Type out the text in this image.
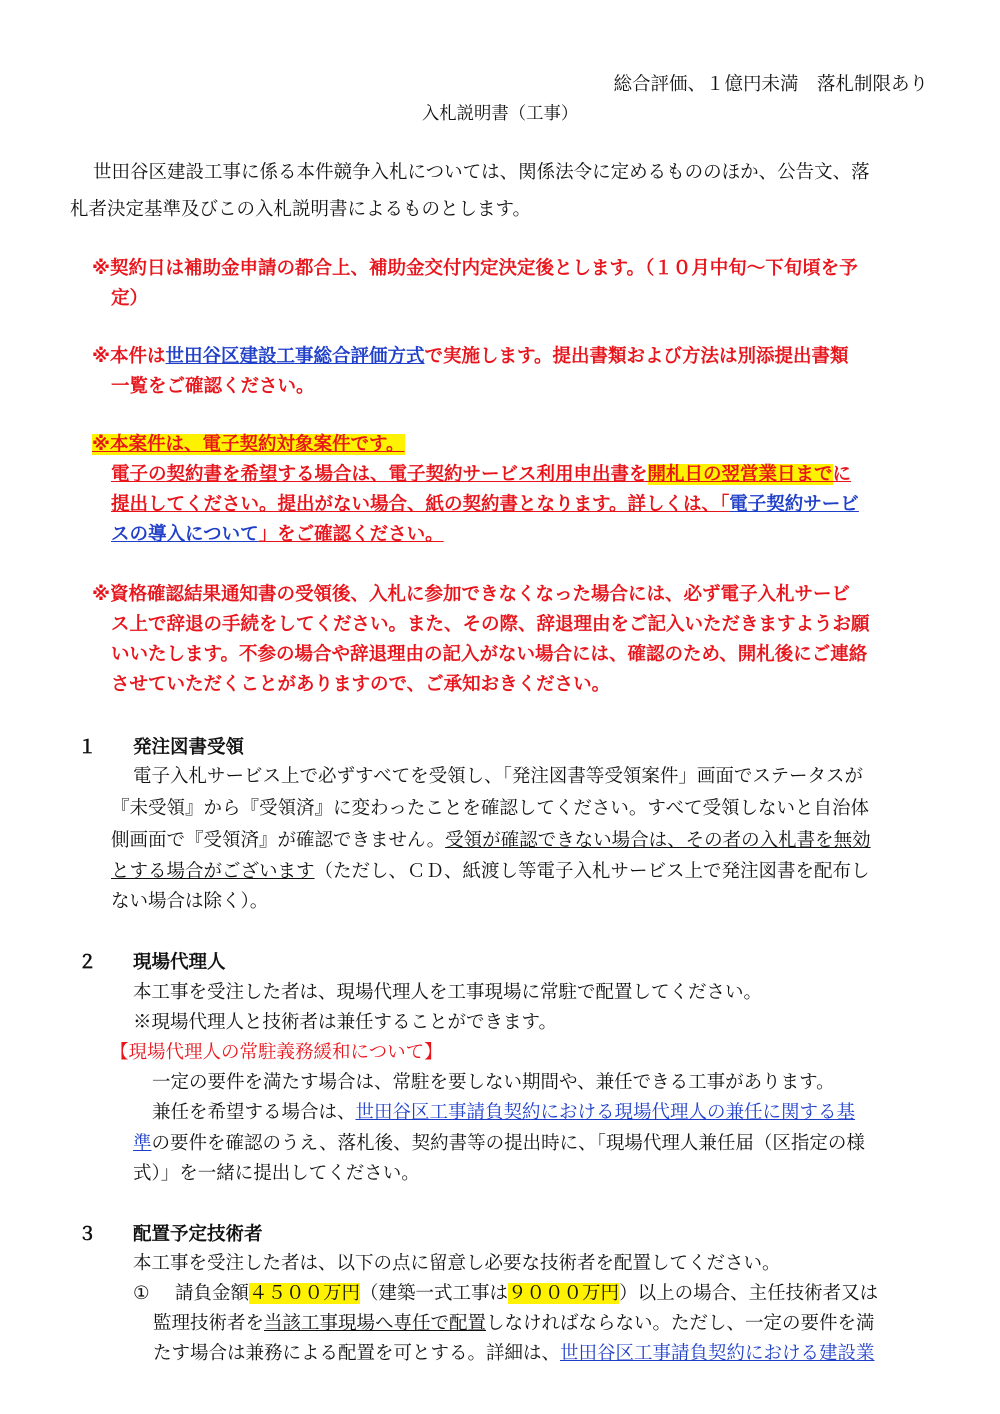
総合評価、１億円未満　落札制限あり
入札説明書（工事）
世田谷区建設工事に係る本件競争入札については、関係法令に定めるもののほか、公告文、落
札者決定基準及びこの入札説明書によるものとします。
※契約日は補助金申請の都合上、補助金交付内定決定後とします。（１０月中旬～下旬頃を予
定）
※本件は世田谷区建設工事総合評価方式で実施します。提出書類および方法は別添提出書類
一覧をご確認ください。
※本案件は、電子契約対象案件です。
電子の契約書を希望する場合は、電子契約サービス利用申出書を開札日の翌営業日までに
提出してください。提出がない場合、紙の契約書となります。詳しくは、「電子契約サービ
スの導入について」をご確認ください。
※資格確認結果通知書の受領後、入札に参加できなくなった場合には、必ず電子入札サービ
ス上で辞退の手続をしてください。また、その際、辞退理由をご記入いただきますようお願
いいたします。不参の場合や辞退理由の記入がない場合には、確認のため、開札後にご連絡
させていただくことがありますので、ご承知おきください。
１ 発注図書受領
電子入札サービス上で必ずすべてを受領し、「発注図書等受領案件」画面でステータスが
『未受領』から『受領済』に変わったことを確認してください。すべて受領しないと自治体
側画面で『受領済』が確認できません。受領が確認できない場合は、その者の入札書を無効
とする場合がございます（ただし、ＣＤ、紙渡し等電子入札サービス上で発注図書を配布し
ない場合は除く）。
２ 現場代理人
本工事を受注した者は、現場代理人を工事現場に常駐で配置してください。
※現場代理人と技術者は兼任することができます。
【現場代理人の常駐義務緩和について】
一定の要件を満たす場合は、常駐を要しない期間や、兼任できる工事があります。
兼任を希望する場合は、世田谷区工事請負契約における現場代理人の兼任に関する基
準の要件を確認のうえ、落札後、契約書等の提出時に、「現場代理人兼任届（区指定の様
式）」を一緒に提出してください。
３ 配置予定技術者
本工事を受注した者は、以下の点に留意し必要な技術者を配置してください。
① 請負金額４５００万円（建築一式工事は９０００万円）以上の場合、主任技術者又は
監理技術者を当該工事現場へ専任で配置しなければならない。ただし、一定の要件を満
たす場合は兼務による配置を可とする。詳細は、世田谷区工事請負契約における建設業
